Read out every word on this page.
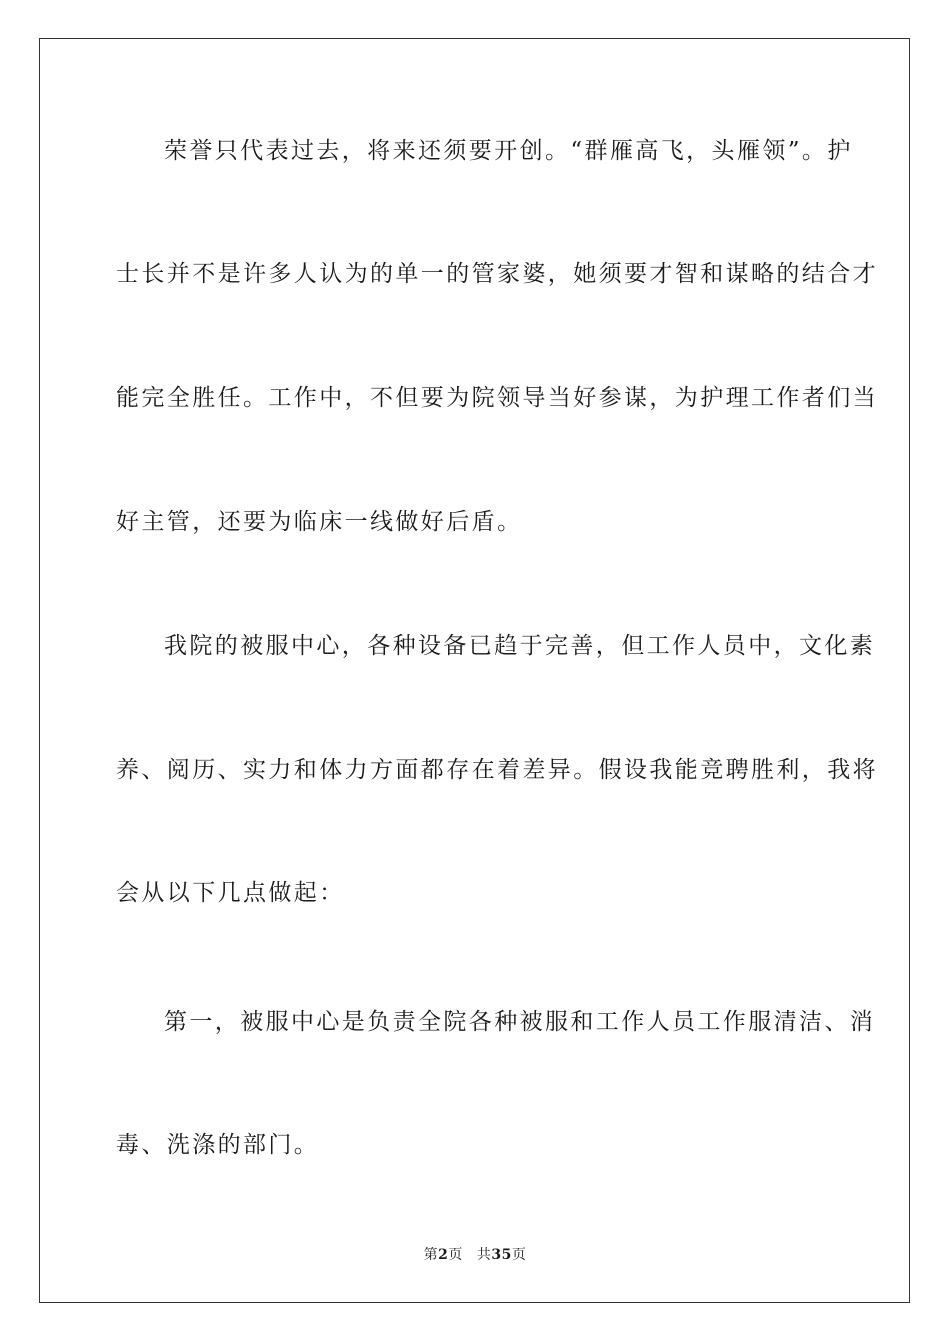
荣誉只代表过去，将来还须要开创。“群雁高飞，头雁领”。护
士长并不是许多人认为的单一的管家婆，她须要才智和谋略的结合才
能完全胜任。工作中，不但要为院领导当好参谋，为护理工作者们当
好主管，还要为临床一线做好后盾。
我院的被服中心，各种设备已趋于完善，但工作人员中，文化素
养、阅历、实力和体力方面都存在着差异。假设我能竞聘胜利，我将
会从以下几点做起：
第一，被服中心是负责全院各种被服和工作人员工作服清洁、消
毒、洗涤的部门。
第2页 共35页
